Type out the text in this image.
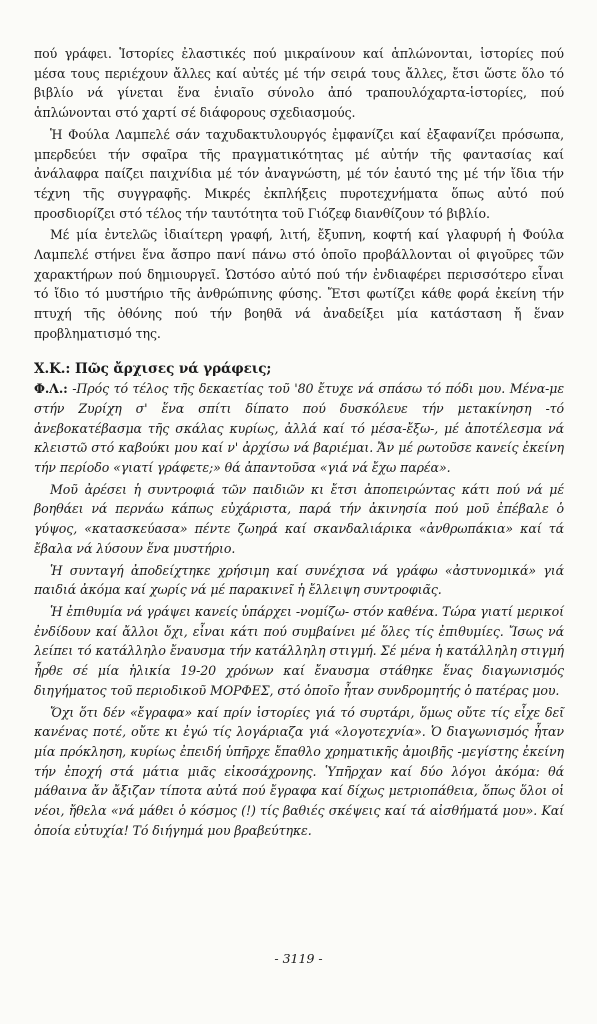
πού γράφει. Ἱστορίες ἐλαστικές πού μικραίνουν καί ἁπλώνονται, ἱστορίες πού μέσα τους περιέχουν ἄλλες καί αὐτές μέ τήν σειρά τους ἄλλες, ἔτσι ὥστε ὅλο τό βιβλίο νά γίνεται ἕνα ἑνιαῖο σύνολο ἀπό τραπουλόχαρτα-ἱστορίες, πού ἁπλώνονται στό χαρτί σέ διάφορους σχεδιασμούς.

Ἡ Φούλα Λαμπελέ σάν ταχυδακτυλουργός ἐμφανίζει καί ἐξαφανίζει πρόσωπα, μπερδεύει τήν σφαῖρα τῆς πραγματικότητας μέ αὐτήν τῆς φαντασίας καί ἀνάλαφρα παίζει παιχνίδια μέ τόν ἀναγνώστη, μέ τόν ἑαυτό της μέ τήν ἴδια τήν τέχνη τῆς συγγραφῆς. Μικρές ἐκπλήξεις πυροτεχνήματα ὅπως αὐτό πού προσδιορίζει στό τέλος τήν ταυτότητα τοῦ Γιόζεφ διανθίζουν τό βιβλίο.

Μέ μία ἐντελῶς ἰδιαίτερη γραφή, λιτή, ἔξυπνη, κοφτή καί γλαφυρή ἡ Φούλα Λαμπελέ στήνει ἕνα ἄσπρο πανί πάνω στό ὁποῖο προβάλλονται οἱ φιγοῦρες τῶν χαρακτήρων πού δημιουργεῖ. Ὡστόσο αὐτό πού τήν ἐνδιαφέρει περισσότερο εἶναι τό ἴδιο τό μυστήριο τῆς ἀνθρώπινης φύσης. Ἔτσι φωτίζει κάθε φορά ἐκείνη τήν πτυχή τῆς ὀθόνης πού τήν βοηθᾶ νά ἀναδείξει μία κατάσταση ἤ ἕναν προβληματισμό της.

Χ.Κ.: Πῶς ἄρχισες νά γράφεις;

Φ.Λ.: -Πρός τό τέλος τῆς δεκαετίας τοῦ '80 ἔτυχε νά σπάσω τό πόδι μου. Μένα-με στήν Ζυρίχη σ' ἕνα σπίτι δίπατο πού δυσκόλευε τήν μετακίνηση -τό ἀνεβοκατέβασμα τῆς σκάλας κυρίως, ἀλλά καί τό μέσα-ἔξω-, μέ ἀποτέλεσμα νά κλειστῶ στό καβούκι μου καί ν' ἀρχίσω νά βαριέμαι. Ἄν μέ ρωτοῦσε κανείς ἐκείνη τήν περίοδο «γιατί γράφετε;» θά ἀπαντοῦσα «γιά νά ἔχω παρέα».

Μοῦ ἀρέσει ἡ συντροφιά τῶν παιδιῶν κι ἔτσι ἀποπειρώντας κάτι πού νά μέ βοηθάει νά περνάω κάπως εὐχάριστα, παρά τήν ἀκινησία πού μοῦ ἐπέβαλε ὁ γύψος, «κατασκεύασα» πέντε ζωηρά καί σκανδαλιάρικα «ἀνθρωπάκια» καί τά ἔβαλα νά λύσουν ἕνα μυστήριο.

Ἡ συνταγή ἀποδείχτηκε χρήσιμη καί συνέχισα νά γράφω «ἀστυνομικά» γιά παιδιά ἀκόμα καί χωρίς νά μέ παρακινεῖ ἡ ἔλλειψη συντροφιᾶς.

Ἡ ἐπιθυμία νά γράψει κανείς ὑπάρχει -νομίζω- στόν καθένα. Τώρα γιατί μερικοί ἐνδίδουν καί ἄλλοι ὄχι, εἶναι κάτι πού συμβαίνει μέ ὅλες τίς ἐπιθυμίες. Ἴσως νά λείπει τό κατάλληλο ἔναυσμα τήν κατάλληλη στιγμή. Σέ μένα ἡ κατάλληλη στιγμή ἦρθε σέ μία ἡλικία 19-20 χρόνων καί ἔναυσμα στάθηκε ἕνας διαγωνισμός διηγήματος τοῦ περιοδικοῦ ΜΟΡΦΕΣ, στό ὁποῖο ἦταν συνδρομητής ὁ πατέρας μου.

Ὄχι ὅτι δέν «ἔγραφα» καί πρίν ἱστορίες γιά τό συρτάρι, ὅμως οὔτε τίς εἶχε δεῖ κανένας ποτέ, οὔτε κι ἐγώ τίς λογάριαζα γιά «λογοτεχνία». Ὁ διαγωνισμός ἦταν μία πρόκληση, κυρίως ἐπειδή ὑπῆρχε ἔπαθλο χρηματικῆς ἀμοιβῆς -μεγίστης ἐκείνη τήν ἐποχή στά μάτια μιᾶς εἰκοσάχρονης. Ὑπῆρχαν καί δύο λόγοι ἀκόμα: θά μάθαινα ἄν ἄξιζαν τίποτα αὐτά πού ἔγραφα καί δίχως μετριοπάθεια, ὅπως ὅλοι οἱ νέοι, ἤθελα «νά μάθει ὁ κόσμος (!) τίς βαθιές σκέψεις καί τά αἰσθήματά μου». Καί ὁποία εὐτυχία! Τό διήγημά μου βραβεύτηκε.

- 3119 -
